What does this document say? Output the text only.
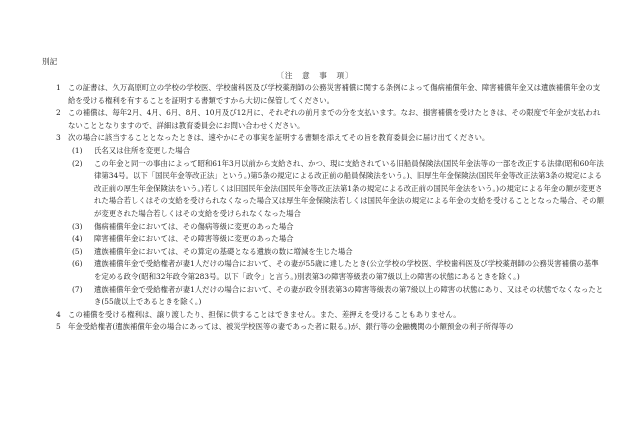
別記
〔注　意　事　項〕
1 この証書は、久万高原町立の学校の学校医、学校歯科医及び学校薬剤師の公務災害補償に関する条例によって傷病補償年金、障害補償年金又は遺族補償年金の支給を受ける権利を有することを証明する書類ですから大切に保管してください。
2 この補償は、毎年2月、4月、6月、8月、10月及び12月に、それぞれの前月までの分を支払います。なお、損害補償を受けたときは、その限度で年金が支払われないこととなりますので、詳細は教育委員会にお問い合わせください。
3 次の場合に該当することとなったときは、速やかにその事実を証明する書類を添えてその旨を教育委員会に届け出てください。
(1) 氏名又は住所を変更した場合
(2) この年金と同一の事由によって昭和61年3月以前から支給され、かつ、現に支給されている旧船員保険法(国民年金法等の一部を改正する法律(昭和60年法律第34号。以下「国民年金等改正法」という。)第5条の規定による改正前の船員保険法をいう。)、旧厚生年金保険法(国民年金等改正法第3条の規定による改正前の厚生年金保険法をいう。)若しくは旧国民年金法(国民年金等改正法第1条の規定による改正前の国民年金法をいう。)の規定による年金の額が変更された場合若しくはその支給を受けられなくなった場合又は厚生年金保険法若しくは国民年金法の規定による年金の支給を受けることとなった場合、その額が変更された場合若しくはその支給を受けられなくなった場合
(3) 傷病補償年金においては、その傷病等級に変更のあった場合
(4) 障害補償年金においては、その障害等級に変更のあった場合
(5) 遺族補償年金においては、その算定の基礎となる遺族の数に増減を生じた場合
(6) 遺族補償年金で受給権者が妻1人だけの場合において、その妻が55歳に達したとき(公立学校の学校医、学校歯科医及び学校薬剤師の公務災害補償の基準を定める政令(昭和32年政令第283号。以下「政令」と言う。)別表第3の障害等級表の第7級以上の障害の状態にあるときを除く。)
(7) 遺族補償年金で受給権者が妻1人だけの場合において、その妻が政令別表第3の障害等級表の第7級以上の障害の状態にあり、又はその状態でなくなったとき(55歳以上であるときを除く。)
4 この補償を受ける権利は、譲り渡したり、担保に供することはできません。また、差押えを受けることもありません。
5 年金受給権者(遺族補償年金の場合にあっては、被災学校医等の妻であった者に限る。)が、銀行等の金融機関の小額預金の利子所得等の
